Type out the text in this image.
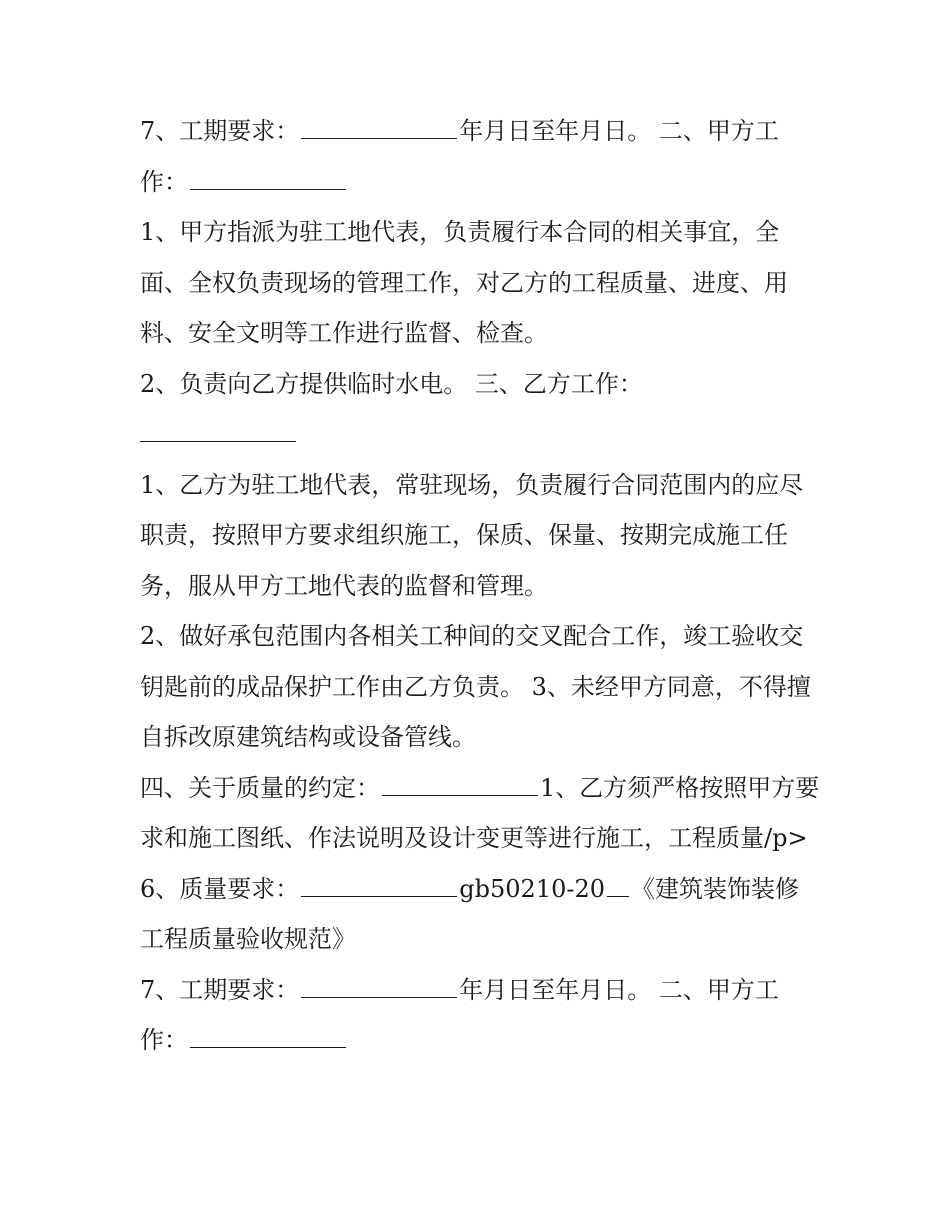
7、工期要求：	年月日至年月日。 二、甲方工作：

1、甲方指派为驻工地代表，负责履行本合同的相关事宜，全面、全权负责现场的管理工作，对乙方的工程质量、进度、用料、安全文明等工作进行监督、检查。

2、负责向乙方提供临时水电。 三、乙方工作：

1、乙方为驻工地代表，常驻现场，负责履行合同范围内的应尽职责，按照甲方要求组织施工，保质、保量、按期完成施工任务，服从甲方工地代表的监督和管理。

2、做好承包范围内各相关工种间的交叉配合工作，竣工验收交钥匙前的成品保护工作由乙方负责。 3、未经甲方同意，不得擅自拆改原建筑结构或设备管线。

四、关于质量的约定：	1、乙方须严格按照甲方要求和施工图纸、作法说明及设计变更等进行施工，工程质量/p>

6、质量要求：	gb50210-20 《建筑装饰装修工程质量验收规范》

7、工期要求：	年月日至年月日。 二、甲方工作：
